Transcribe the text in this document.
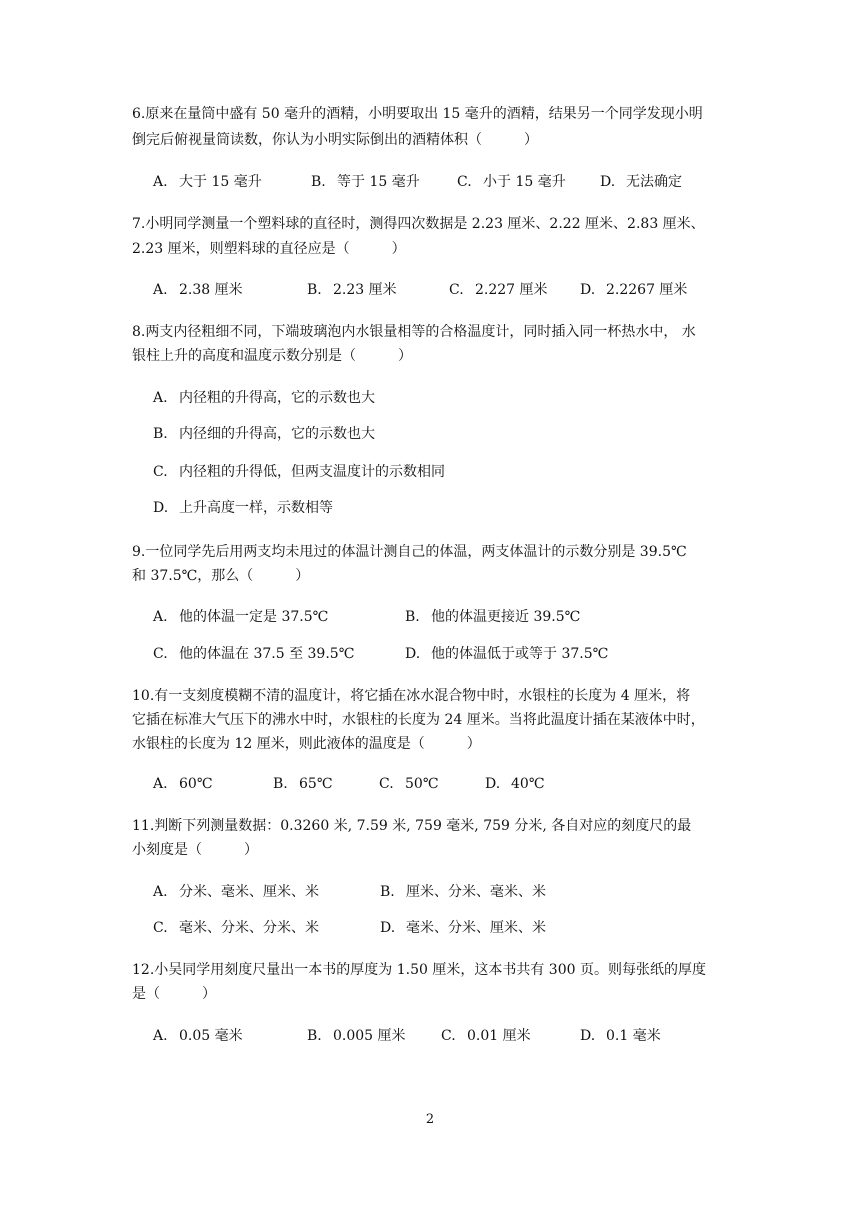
6.原来在量筒中盛有 50 毫升的酒精，小明要取出 15 毫升的酒精，结果另一个同学发现小明
倒完后俯视量筒读数，你认为小明实际倒出的酒精体积（　　　）
A. 大于 15 毫升	B. 等于 15 毫升	C. 小于 15 毫升 D. 无法确定
7.小明同学测量一个塑料球的直径时，测得四次数据是 2.23 厘米、2.22 厘米、2.83 厘米、
2.23 厘米，则塑料球的直径应是（　　　）
A. 2.38 厘米	B. 2.23 厘米	C. 2.227 厘米 D. 2.2267 厘米
8.两支内径粗细不同，下端玻璃泡内水银量相等的合格温度计，同时插入同一杯热水中， 水
银柱上升的高度和温度示数分别是（　　　）
A. 内径粗的升得高，它的示数也大
B. 内径细的升得高，它的示数也大
C. 内径粗的升得低，但两支温度计的示数相同
D. 上升高度一样，示数相等
9.一位同学先后用两支均未甩过的体温计测自己的体温，两支体温计的示数分别是 39.5℃
和 37.5℃，那么（　　　）
A. 他的体温一定是 37.5℃	B. 他的体温更接近 39.5℃
C. 他的体温在 37.5 至 39.5℃	D. 他的体温低于或等于 37.5℃
10.有一支刻度模糊不清的温度计，将它插在冰水混合物中时，水银柱的长度为 4 厘米，将
它插在标准大气压下的沸水中时，水银柱的长度为 24 厘米。当将此温度计插在某液体中时，
水银柱的长度为 12 厘米，则此液体的温度是（　　　）
A. 60℃	B. 65℃	C. 50℃	D. 40℃
11.判断下列测量数据：0.3260 米, 7.59 米, 759 毫米, 759 分米, 各自对应的刻度尺的最
小刻度是（　　　）
A. 分米、毫米、厘米、米	B. 厘米、分米、毫米、米
C. 毫米、分米、分米、米	D. 毫米、分米、厘米、米
12.小吴同学用刻度尺量出一本书的厚度为 1.50 厘米，这本书共有 300 页。则每张纸的厚度
是（　　　）
A. 0.05 毫米	B. 0.005 厘米	C. 0.01 厘米	D. 0.1 毫米
2
